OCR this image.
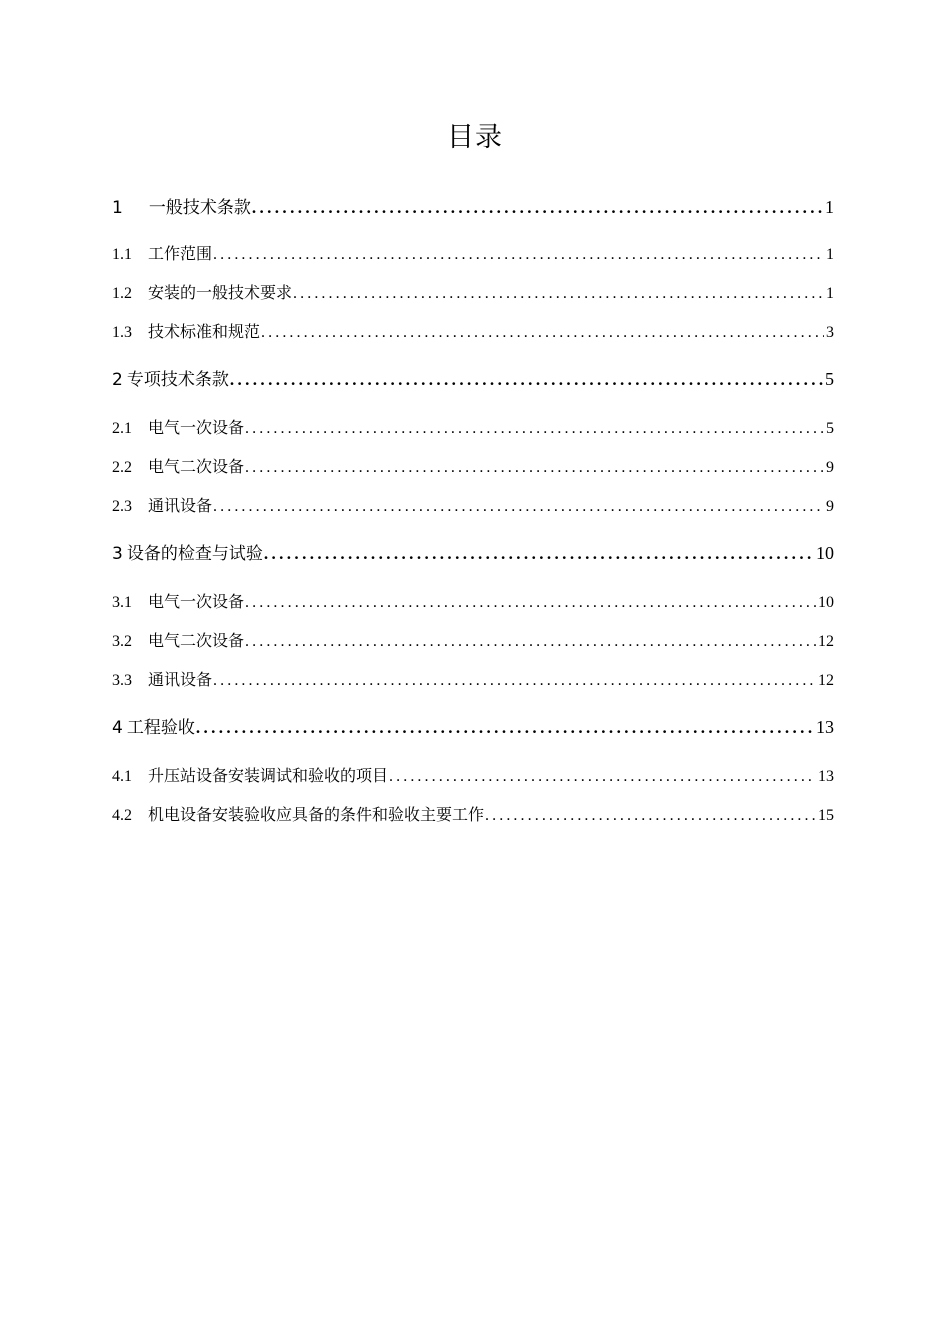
目录
1 一般技术条款 .....	1
1.1 工作范围 .....	1
1.2 安装的一般技术要求 .....	1
1.3 技术标准和规范 .....	3
2 专项技术条款 .....	5
2.1 电气一次设备 .....	5
2.2 电气二次设备 .....	9
2.3 通讯设备 .....	9
3 设备的检查与试验 .....	10
3.1 电气一次设备 .....	10
3.2 电气二次设备 .....	12
3.3 通讯设备 .....	12
4 工程验收 .....	13
4.1 升压站设备安装调试和验收的项目 .....	13
4.2 机电设备安装验收应具备的条件和验收主要工作 .....	15
